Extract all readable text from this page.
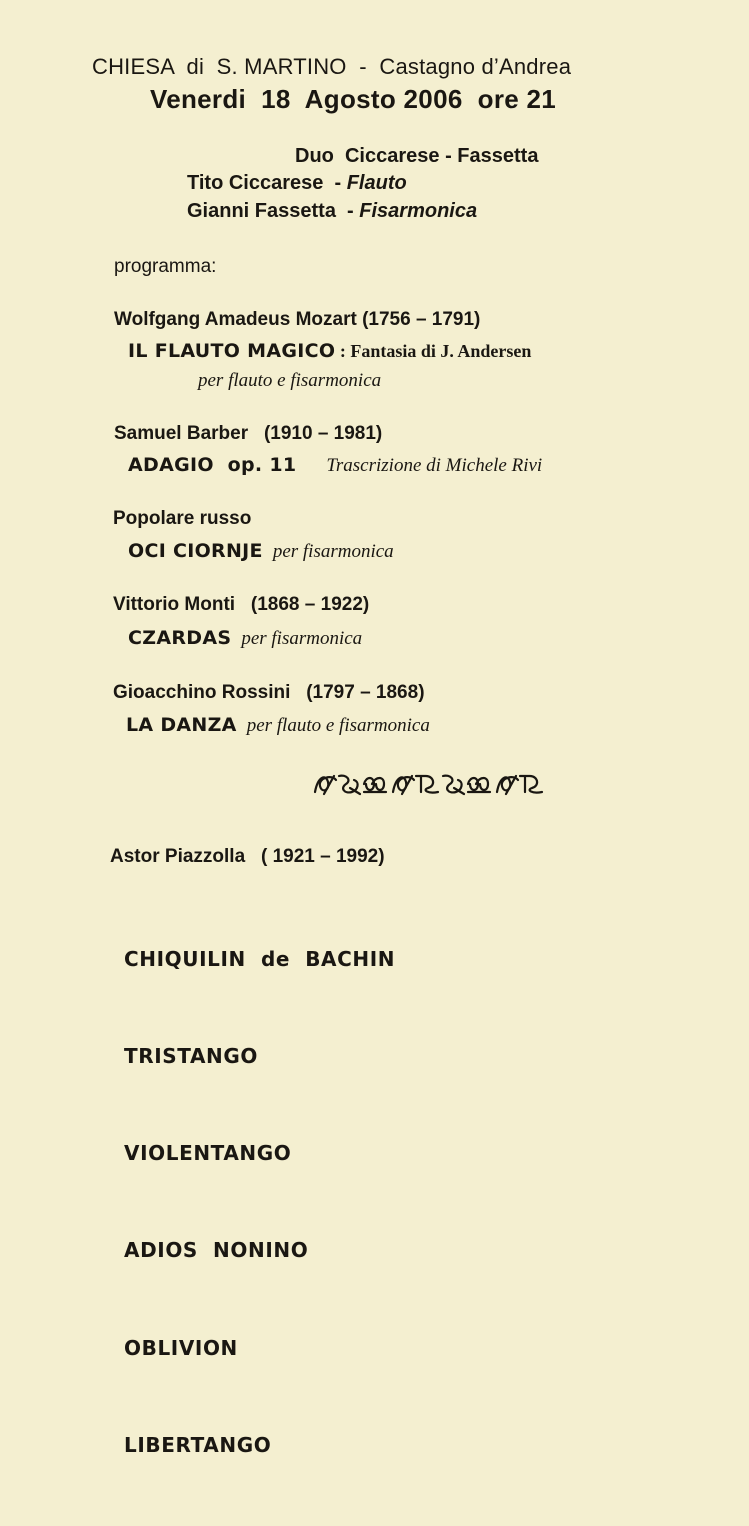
CHIESA  di  S. MARTINO  -  Castagno d’Andrea
Venerdi  18  Agosto 2006  ore 21
Duo  Ciccarese - Fassetta
Tito Ciccarese  - Flauto
Gianni Fassetta  - Fisarmonica
programma:
Wolfgang Amadeus Mozart (1756 – 1791)
IL FLAUTO MAGICO : Fantasia di J. Andersen
per flauto e fisarmonica
Samuel Barber   (1910 – 1981)
ADAGIO  op. 11 Trascrizione di Michele Rivi
Popolare russo
OCI CIORNJE per fisarmonica
Vittorio Monti   (1868 – 1922)
CZARDAS per fisarmonica
Gioacchino Rossini   (1797 – 1868)
LA DANZA per flauto e fisarmonica
Astor Piazzolla   ( 1921 – 1992)

CHIQUILIN  de  BACHIN

TRISTANGO

VIOLENTANGO

ADIOS  NONINO

OBLIVION

LIBERTANGO
